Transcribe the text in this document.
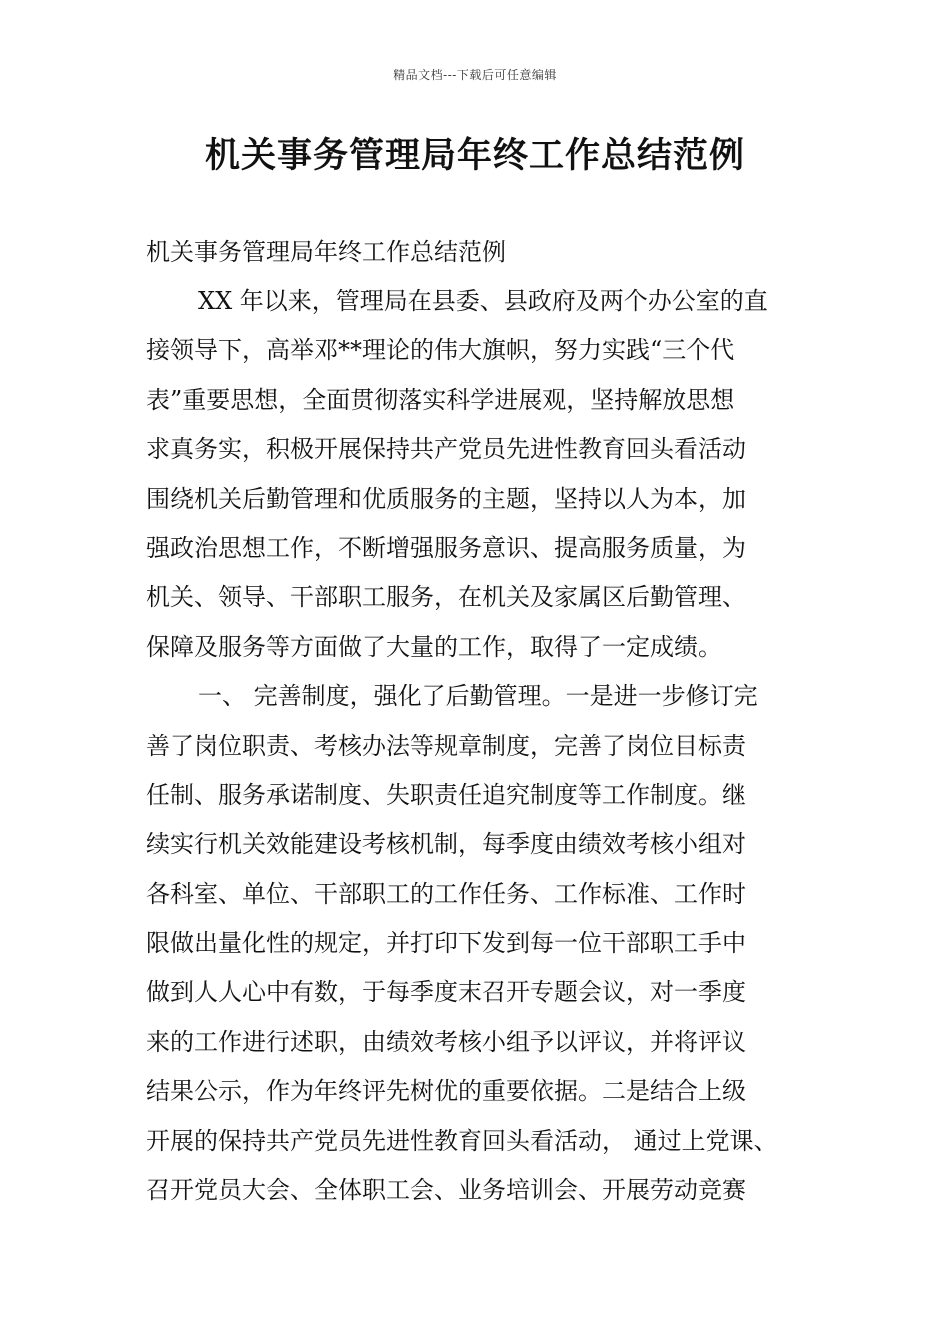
精品文档---下载后可任意编辑
机关事务管理局年终工作总结范例

机关事务管理局年终工作总结范例

XX 年以来，管理局在县委、县政府及两个办公室的直
接领导下，高举邓**理论的伟大旗帜，努力实践“三个代
表”重要思想，全面贯彻落实科学进展观，坚持解放思想
求真务实，积极开展保持共产党员先进性教育回头看活动
围绕机关后勤管理和优质服务的主题，坚持以人为本，加
强政治思想工作，不断增强服务意识、提高服务质量，为
机关、领导、干部职工服务，在机关及家属区后勤管理、
保障及服务等方面做了大量的工作，取得了一定成绩。
一、 完善制度，强化了后勤管理。一是进一步修订完
善了岗位职责、考核办法等规章制度，完善了岗位目标责
任制、服务承诺制度、失职责任追究制度等工作制度。继
续实行机关效能建设考核机制，每季度由绩效考核小组对
各科室、单位、干部职工的工作任务、工作标准、工作时
限做出量化性的规定，并打印下发到每一位干部职工手中
做到人人心中有数，于每季度末召开专题会议，对一季度
来的工作进行述职，由绩效考核小组予以评议，并将评议
结果公示，作为年终评先树优的重要依据。二是结合上级
开展的保持共产党员先进性教育回头看活动， 通过上党课、
召开党员大会、全体职工会、业务培训会、开展劳动竞赛
